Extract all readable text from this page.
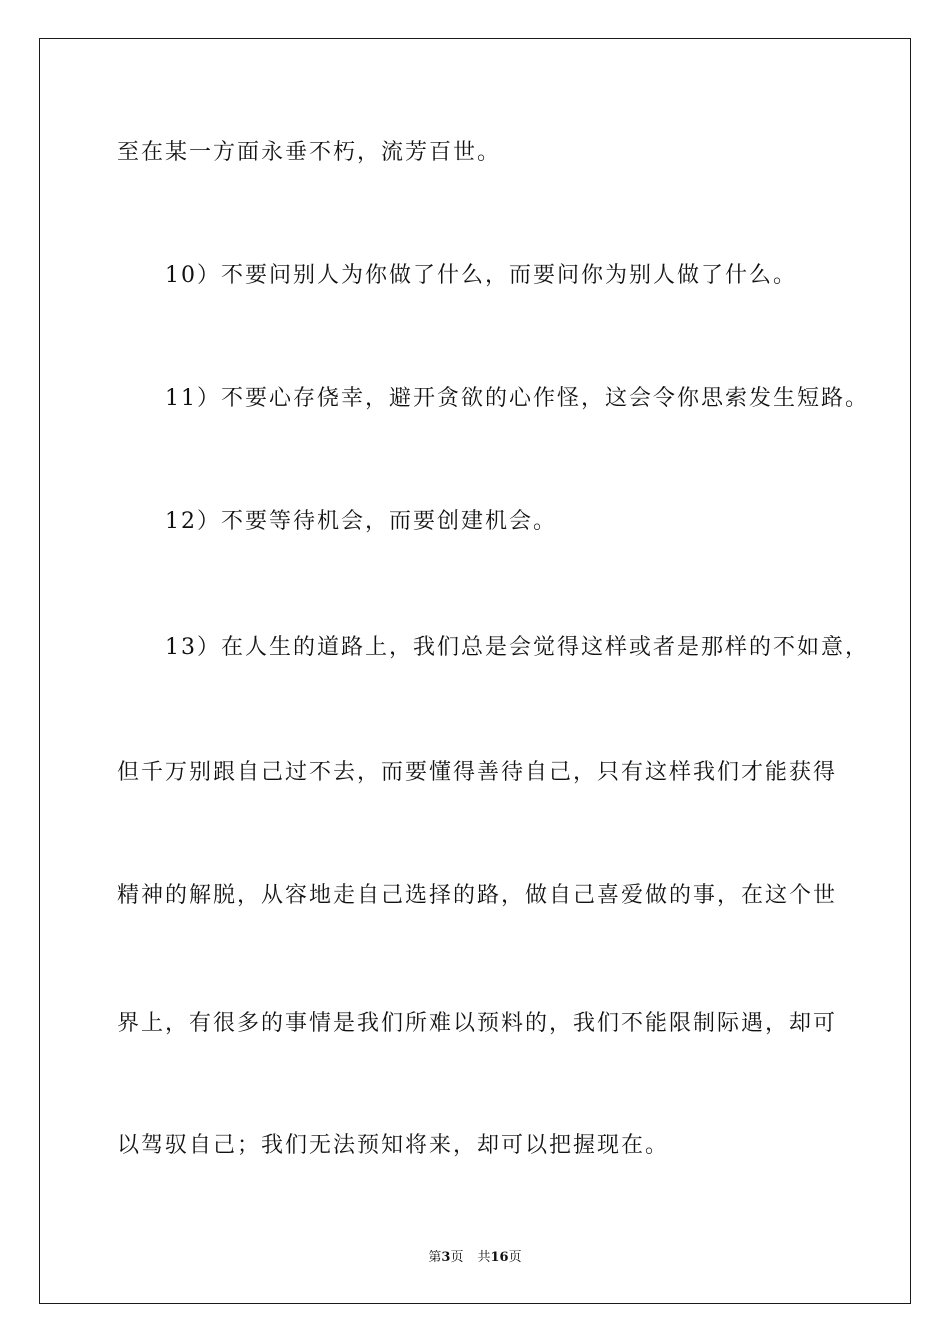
至在某一方面永垂不朽，流芳百世。
10）不要问别人为你做了什么，而要问你为别人做了什么。
11）不要心存侥幸，避开贪欲的心作怪，这会令你思索发生短路。
12）不要等待机会，而要创建机会。
13）在人生的道路上，我们总是会觉得这样或者是那样的不如意，
但千万别跟自己过不去，而要懂得善待自己，只有这样我们才能获得
精神的解脱，从容地走自己选择的路，做自己喜爱做的事，在这个世
界上，有很多的事情是我们所难以预料的，我们不能限制际遇，却可
以驾驭自己；我们无法预知将来，却可以把握现在。
第3页 共16页
